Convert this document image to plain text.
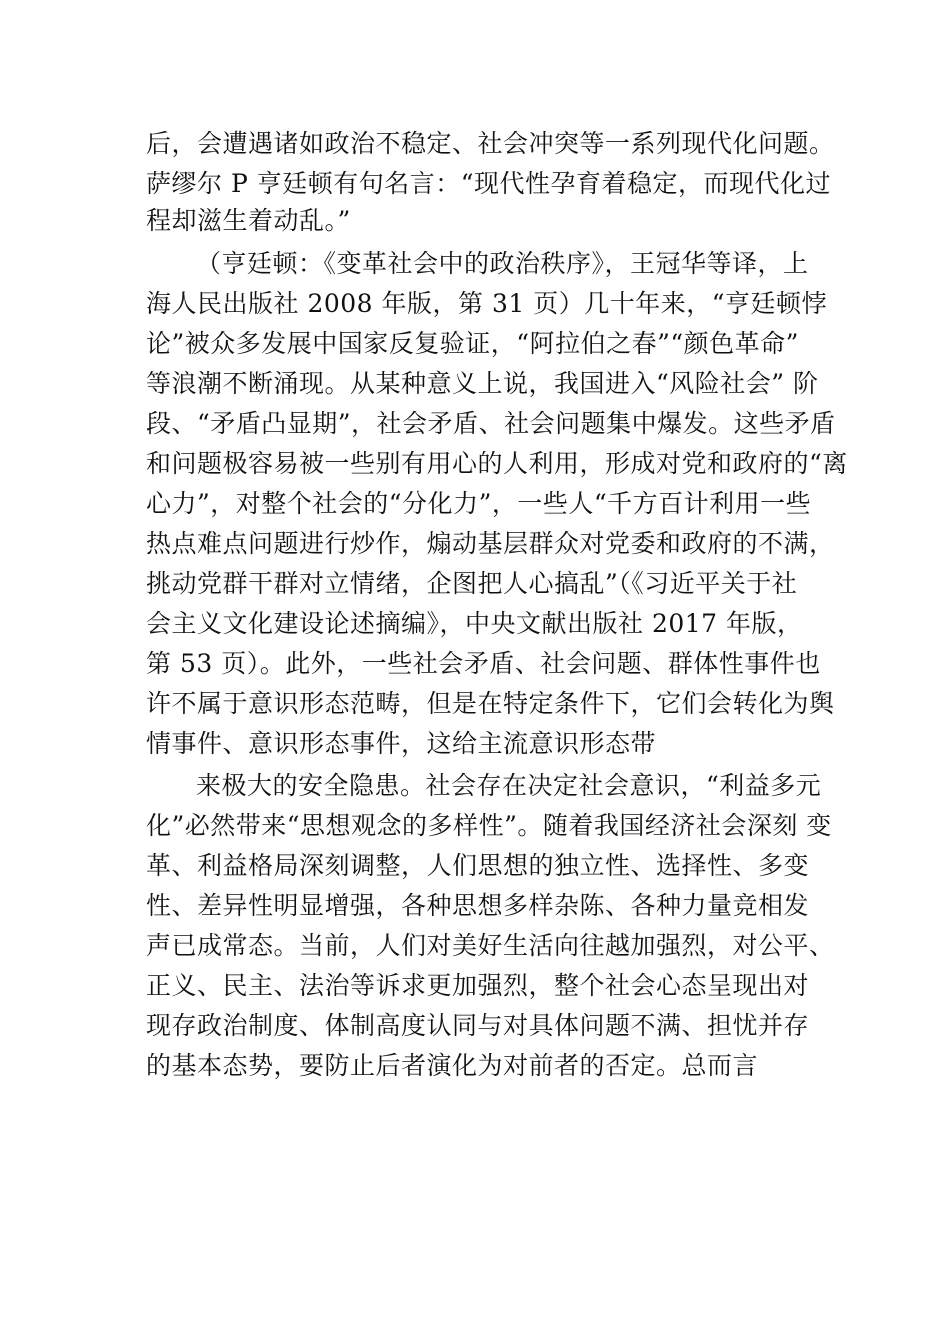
后，会遭遇诸如政治不稳定、社会冲突等一系列现代化问题。
萨缪尔 P 亨廷顿有句名言：“现代性孕育着稳定，而现代化过
程却滋生着动乱。”
（亨廷顿：《变革社会中的政治秩序》，王冠华等译，上
海人民出版社 2008 年版，第 31 页）几十年来，“亨廷顿悖
论”被众多发展中国家反复验证，“阿拉伯之春”“颜色革命”
等浪潮不断涌现。从某种意义上说，我国进入“风险社会” 阶
段、“矛盾凸显期”，社会矛盾、社会问题集中爆发。这些矛盾
和问题极容易被一些别有用心的人利用，形成对党和政府的“离
心力”，对整个社会的“分化力”，一些人“千方百计利用一些
热点难点问题进行炒作，煽动基层群众对党委和政府的不满，
挑动党群干群对立情绪，企图把人心搞乱”（《习近平关于社
会主义文化建设论述摘编》，中央文献出版社 2017 年版，
第 53 页）。此外，一些社会矛盾、社会问题、群体性事件也
许不属于意识形态范畴，但是在特定条件下，它们会转化为舆
情事件、意识形态事件，这给主流意识形态带
来极大的安全隐患。社会存在决定社会意识，“利益多元
化”必然带来“思想观念的多样性”。随着我国经济社会深刻 变
革、利益格局深刻调整，人们思想的独立性、选择性、多变
性、差异性明显增强，各种思想多样杂陈、各种力量竞相发
声已成常态。当前，人们对美好生活向往越加强烈，对公平、
正义、民主、法治等诉求更加强烈，整个社会心态呈现出对
现存政治制度、体制高度认同与对具体问题不满、担忧并存
的基本态势，要防止后者演化为对前者的否定。总而言
